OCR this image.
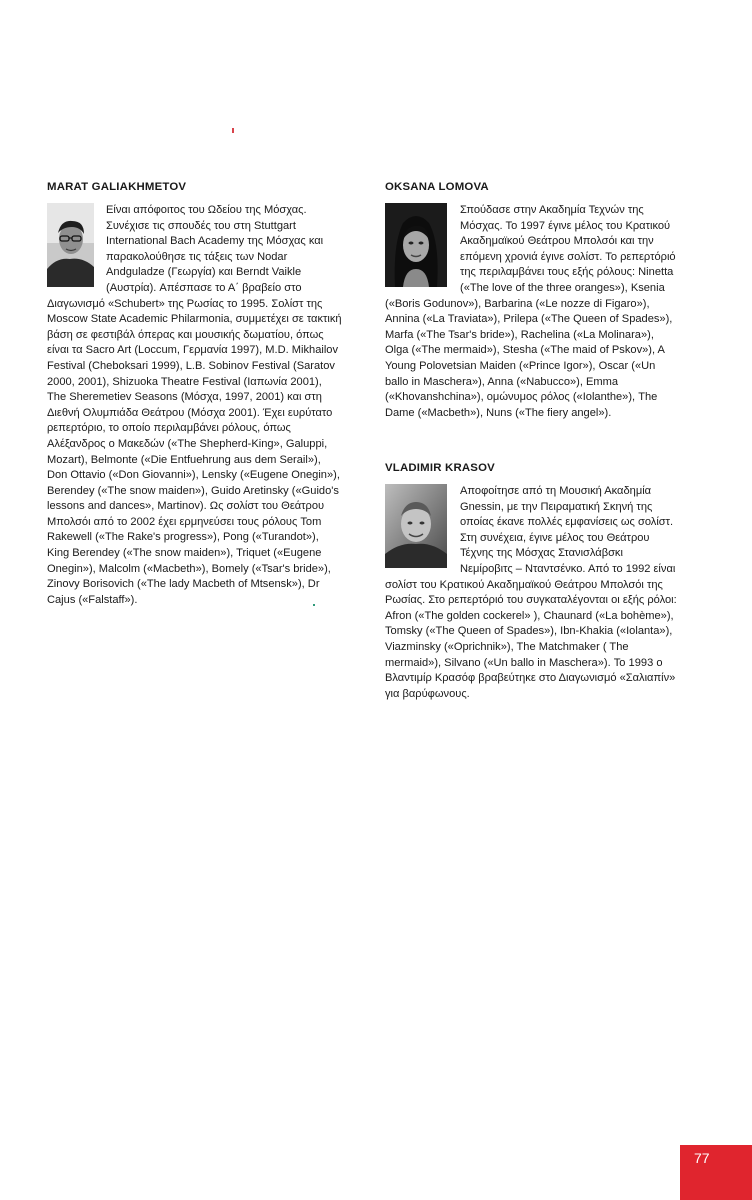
MARAT GALIAKHMETOV

Είναι απόφοιτος του Ωδείου της Μόσχας. Συνέχισε τις σπουδές του στη Stuttgart International Bach Academy της Μόσχας και παρακολούθησε τις τάξεις των Nodar Andguladze (Γεωργία) και Berndt Vaikle (Αυστρία). Απέσπασε το Α΄ βραβείο στο Διαγωνισμό «Schubert» της Ρωσίας το 1995. Σολίστ της Moscow State Academic Philarmonia, συμμετέχει σε τακτική βάση σε φεστιβάλ όπερας και μουσικής δωματίου, όπως είναι τα Sacro Art (Loccum, Γερμανία 1997), M.D. Mikhailov Festival (Cheboksari 1999), L.B. Sobinov Festival (Saratov 2000, 2001), Shizuoka Theatre Festival (Ιαπωνία 2001), The Sheremetiev Seasons (Μόσχα, 1997, 2001) και στη Διεθνή Ολυμπιάδα Θεάτρου (Μόσχα 2001). Έχει ευρύτατο ρεπερτόριο, το οποίο περιλαμβάνει ρόλους, όπως Αλέξανδρος ο Μακεδών («The Shepherd-King», Galuppi, Mozart), Belmonte («Die Entfuehrung aus dem Serail»), Don Ottavio («Don Giovanni»), Lensky («Eugene Onegin»), Berendey («The snow maiden»), Guido Aretinsky («Guido's lessons and dances», Martinov). Ως σολίστ του Θεάτρου Μπολσόι από το 2002 έχει ερμηνεύσει τους ρόλους Tom Rakewell («The Rake's progress»), Pong («Turandot»), King Berendey («The snow maiden»), Triquet («Eugene Onegin»), Malcolm («Macbeth»), Bomely («Tsar's bride»), Zinovy Borisovich («The lady Macbeth of Mtsensk»), Dr Cajus («Falstaff»).

OKSANA LOMOVA

Σπούδασε στην Ακαδημία Τεχνών της Μόσχας. Το 1997 έγινε μέλος του Κρατικού Ακαδημαϊκού Θεάτρου Μπολσόι και την επόμενη χρονιά έγινε σολίστ. Το ρεπερτόριό της περιλαμβάνει τους εξής ρόλους: Ninetta («The love of the three oranges»), Ksenia («Boris Godunov»), Barbarina («Le nozze di Figaro»), Annina («La Traviata»), Prilepa («The Queen of Spades»), Marfa («The Tsar's bride»), Rachelina («La Molinara»), Olga («The mermaid»), Stesha («The maid of Pskov»), A Young Polovetsian Maiden («Prince Igor»), Oscar («Un ballo in Maschera»), Anna («Nabucco»), Emma («Khovanshchina»), ομώνυμος ρόλος («Iolanthe»), The Dame («Macbeth»), Nuns («The fiery angel»).

VLADIMIR KRASOV

Αποφοίτησε από τη Μουσική Ακαδημία Gnessin, με την Πειραματική Σκηνή της οποίας έκανε πολλές εμφανίσεις ως σολίστ. Στη συνέχεια, έγινε μέλος του Θεάτρου Τέχνης της Μόσχας Στανισλάβσκι Νεμίροβιτς – Νταντσένκο. Από το 1992 είναι σολίστ του Κρατικού Ακαδημαϊκού Θεάτρου Μπολσόι της Ρωσίας. Στο ρεπερτόριό του συγκαταλέγονται οι εξής ρόλοι: Afron («The golden cockerel» ), Chaunard («La bohème»), Tomsky («The Queen of Spades»), Ibn-Khakia («Iolanta»), Viazminsky («Oprichnik»), The Matchmaker ( The mermaid»), Silvano («Un ballo in Maschera»). Το 1993 ο Βλαντιμίρ Κρασόφ βραβεύτηκε στο Διαγωνισμό «Σαλιαπίν» για βαρύφωνους.

77
